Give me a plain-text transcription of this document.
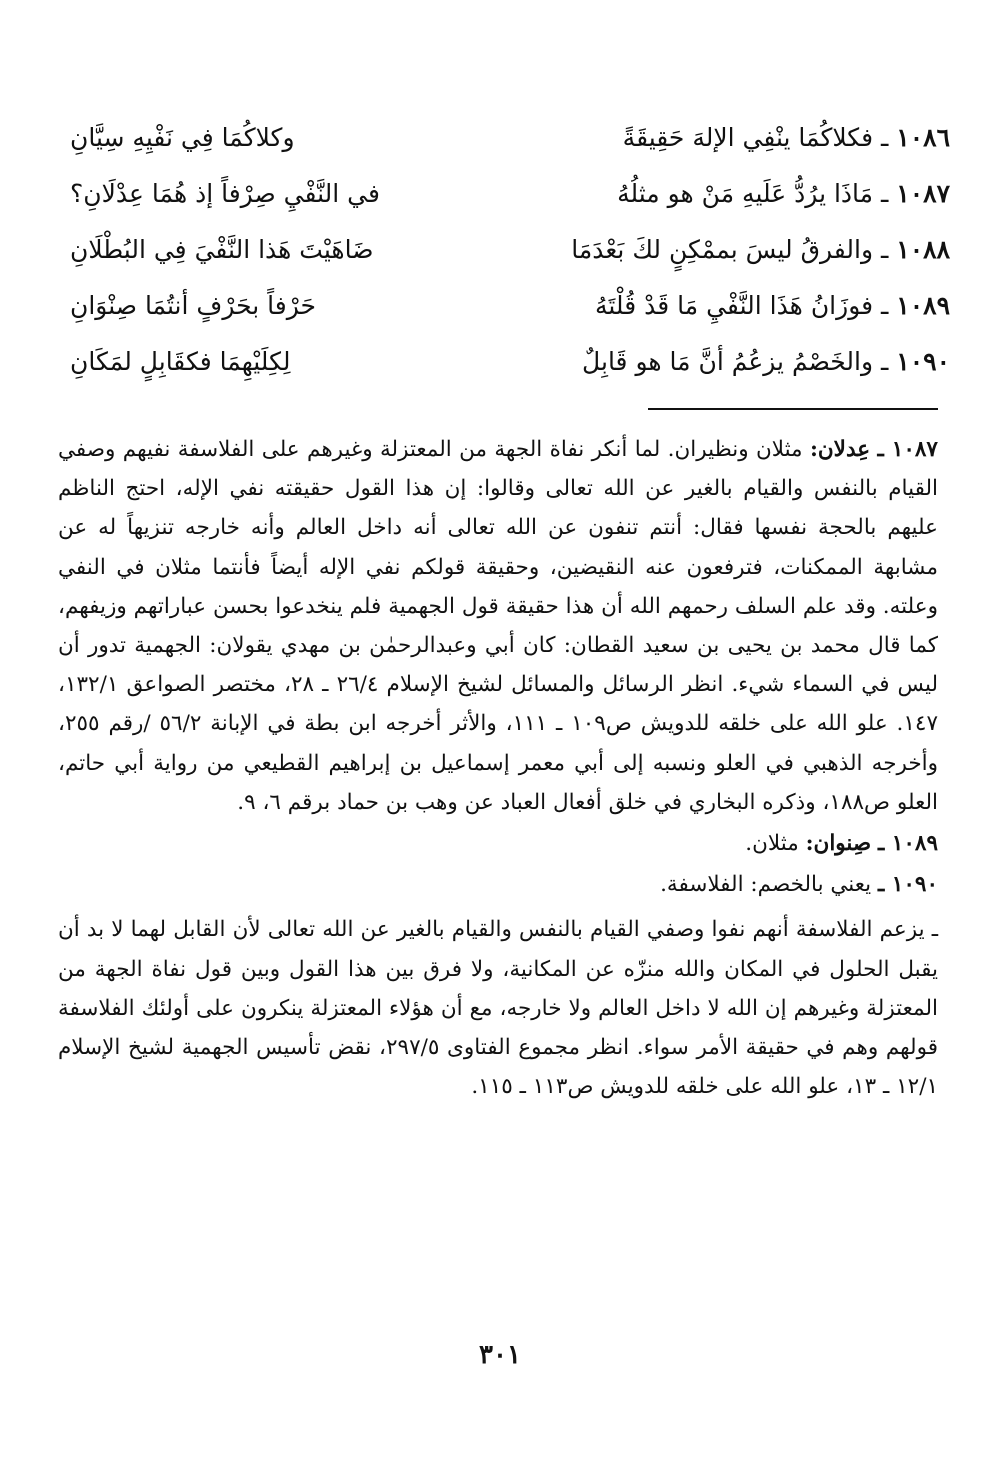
١٠٨٦ ـ فكلاكُمَا ينْفِي الإلهَ حَقِيقَةً
وكلاكُمَا فِي نَفْيِهِ سِيَّانِ
١٠٨٧ ـ مَاذَا يرُدُّ عَلَيهِ مَنْ هو مثلُهُ
في النَّفْيِ صِرْفاً إذ هُمَا عِدْلَانِ؟
١٠٨٨ ـ والفرقُ ليسَ بممْكِنٍ لكَ بَعْدَمَا
ضَاهَيْتَ هَذا النَّفْيَ فِي البُطْلَانِ
١٠٨٩ ـ فوزَانُ هَذَا النَّفْيِ مَا قَدْ قُلْتَهُ
حَرْفاً بحَرْفٍ أنتُمَا صِنْوَانِ
١٠٩٠ ـ والخَصْمُ يزعُمُ أنَّ مَا هو قَابِلٌ
لِكِلَيْهِمَا فكقَابِلٍ لمَكَانِ

١٠٨٧ ـ عِدلان: مثلان ونظيران. لما أنكر نفاة الجهة من المعتزلة وغيرهم على الفلاسفة نفيهم وصفي القيام بالنفس والقيام بالغير عن الله تعالى وقالوا: إن هذا القول حقيقته نفي الإله، احتج الناظم عليهم بالحجة نفسها فقال: أنتم تنفون عن الله تعالى أنه داخل العالم وأنه خارجه تنزيهاً له عن مشابهة الممكنات، فترفعون عنه النقيضين، وحقيقة قولكم نفي الإله أيضاً فأنتما مثلان في النفي وعلته. وقد علم السلف رحمهم الله أن هذا حقيقة قول الجهمية فلم ينخدعوا بحسن عباراتهم وزيفهم، كما قال محمد بن يحيى بن سعيد القطان: كان أبي وعبدالرحمٰن بن مهدي يقولان: الجهمية تدور أن ليس في السماء شيء. انظر الرسائل والمسائل لشيخ الإسلام ٢٦/٤ ـ ٢٨، مختصر الصواعق ١٣٢/١، ١٤٧. علو الله على خلقه للدويش ص١٠٩ ـ ١١١، والأثر أخرجه ابن بطة في الإبانة ٥٦/٢ /رقم ٢٥٥، وأخرجه الذهبي في العلو ونسبه إلى أبي معمر إسماعيل بن إبراهيم القطيعي من رواية أبي حاتم، العلو ص١٨٨، وذكره البخاري في خلق أفعال العباد عن وهب بن حماد برقم ٦، ٩.

١٠٨٩ ـ صِنوان: مثلان.

١٠٩٠ ـ يعني بالخصم: الفلاسفة.

ـ يزعم الفلاسفة أنهم نفوا وصفي القيام بالنفس والقيام بالغير عن الله تعالى لأن القابل لهما لا بد أن يقبل الحلول في المكان والله منزّه عن المكانية، ولا فرق بين هذا القول وبين قول نفاة الجهة من المعتزلة وغيرهم إن الله لا داخل العالم ولا خارجه، مع أن هؤلاء المعتزلة ينكرون على أولئك الفلاسفة قولهم وهم في حقيقة الأمر سواء. انظر مجموع الفتاوى ٢٩٧/٥، نقض تأسيس الجهمية لشيخ الإسلام ١٢/١ ـ ١٣، علو الله على خلقه للدويش ص١١٣ ـ ١١٥.

٣٠١
